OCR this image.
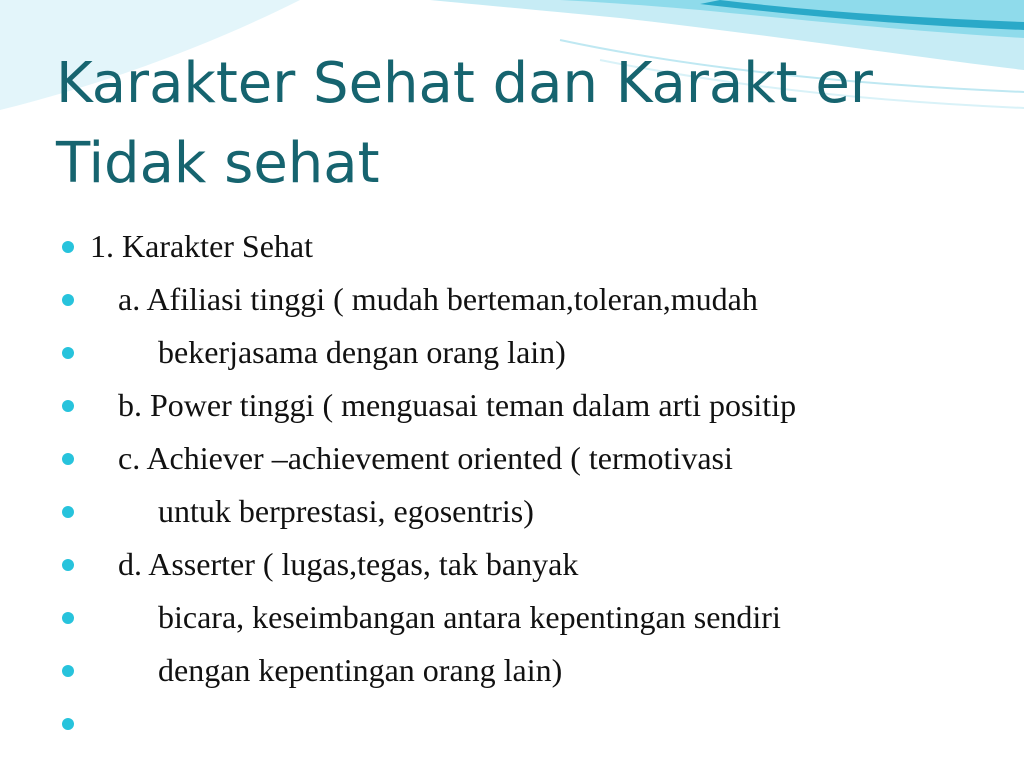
Karakter Sehat dan Karakt er
Tidak sehat
1. Karakter Sehat
a. Afiliasi tinggi ( mudah berteman,toleran,mudah
bekerjasama dengan orang lain)
b. Power tinggi ( menguasai teman dalam arti positip
c. Achiever –achievement oriented ( termotivasi
untuk berprestasi, egosentris)
d. Asserter ( lugas,tegas, tak banyak
bicara, keseimbangan antara kepentingan sendiri
dengan kepentingan orang lain)
